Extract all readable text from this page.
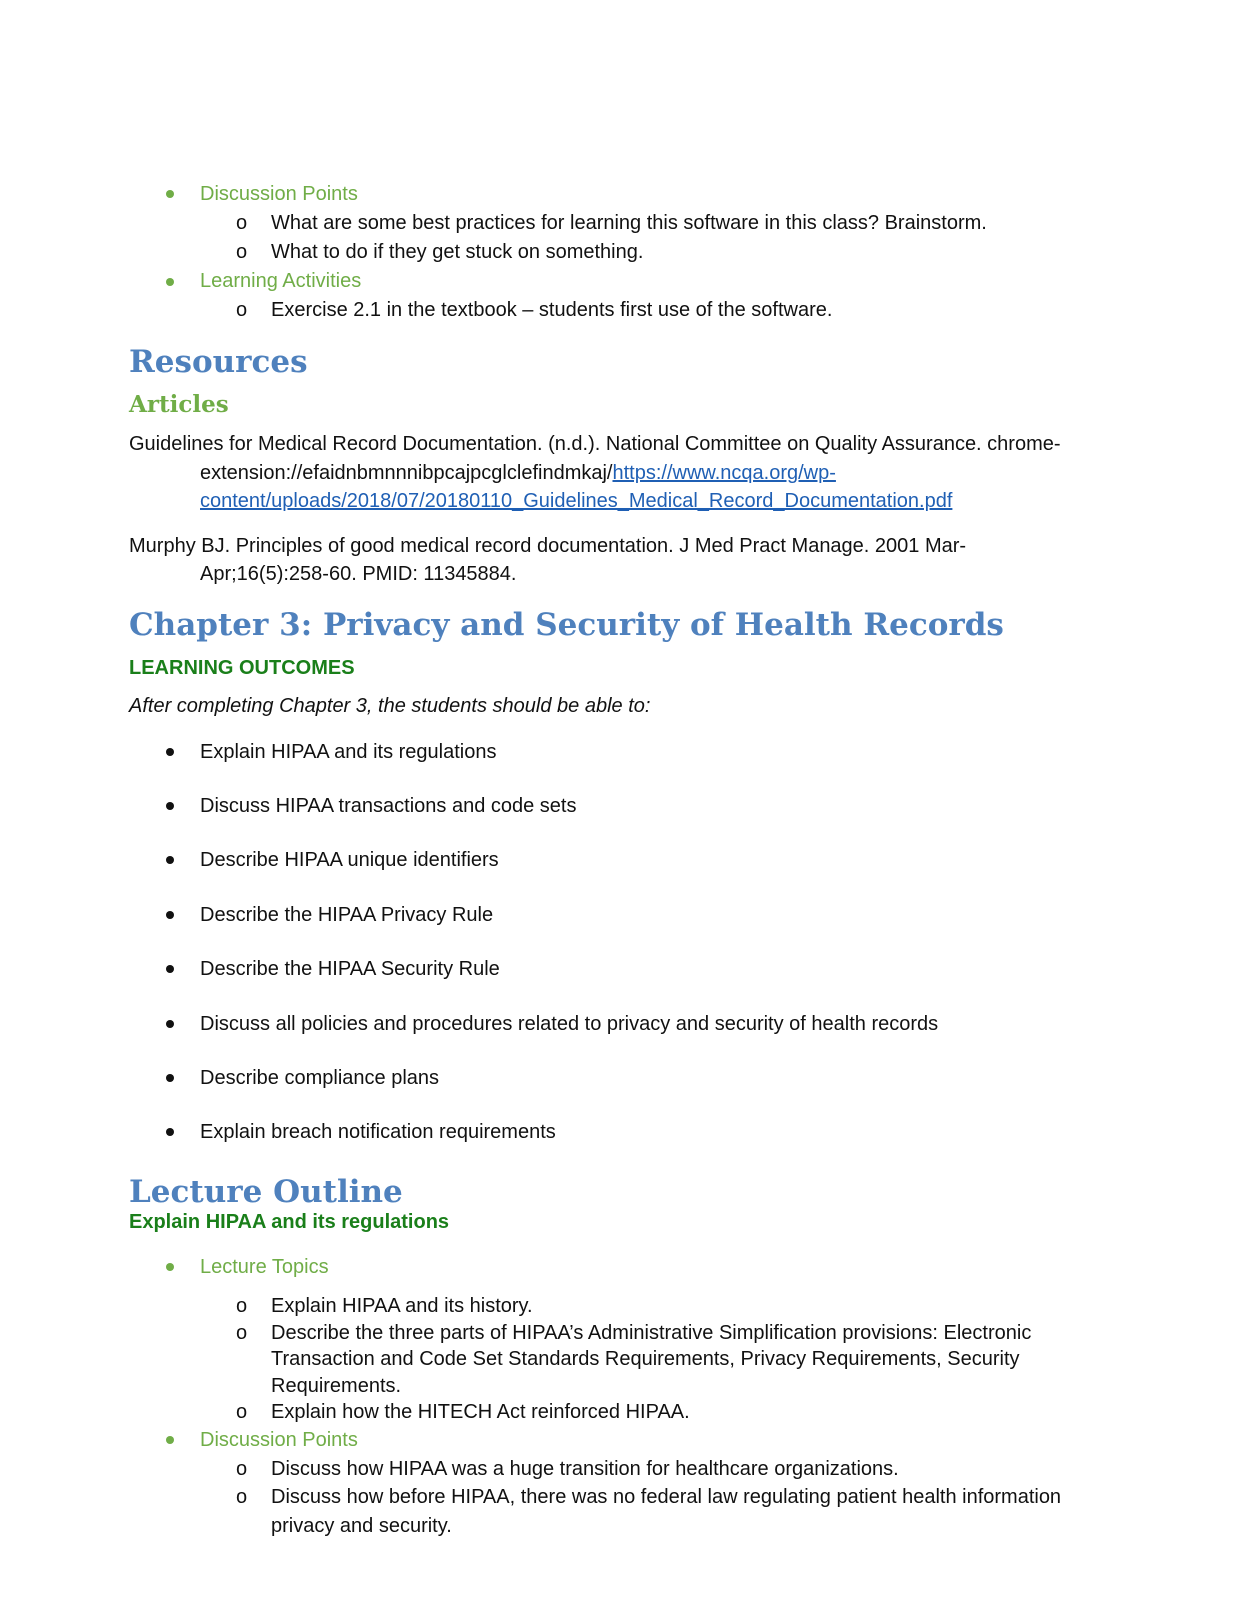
Discussion Points
o What are some best practices for learning this software in this class? Brainstorm.
o What to do if they get stuck on something.
Learning Activities
o Exercise 2.1 in the textbook – students first use of the software.
Resources
Articles
Guidelines for Medical Record Documentation. (n.d.). National Committee on Quality Assurance. chrome-
extension://efaidnbmnnnibpcajpcglclefindmkaj/https://www.ncqa.org/wp-
content/uploads/2018/07/20180110_Guidelines_Medical_Record_Documentation.pdf
Murphy BJ. Principles of good medical record documentation. J Med Pract Manage. 2001 Mar-
Apr;16(5):258-60. PMID: 11345884.
Chapter 3: Privacy and Security of Health Records
LEARNING OUTCOMES
After completing Chapter 3, the students should be able to:
Explain HIPAA and its regulations
Discuss HIPAA transactions and code sets
Describe HIPAA unique identifiers
Describe the HIPAA Privacy Rule
Describe the HIPAA Security Rule
Discuss all policies and procedures related to privacy and security of health records
Describe compliance plans
Explain breach notification requirements
Lecture Outline
Explain HIPAA and its regulations
Lecture Topics
o Explain HIPAA and its history.
o Describe the three parts of HIPAA’s Administrative Simplification provisions: Electronic
Transaction and Code Set Standards Requirements, Privacy Requirements, Security
Requirements.
o Explain how the HITECH Act reinforced HIPAA.
Discussion Points
o Discuss how HIPAA was a huge transition for healthcare organizations.
o Discuss how before HIPAA, there was no federal law regulating patient health information
privacy and security.
